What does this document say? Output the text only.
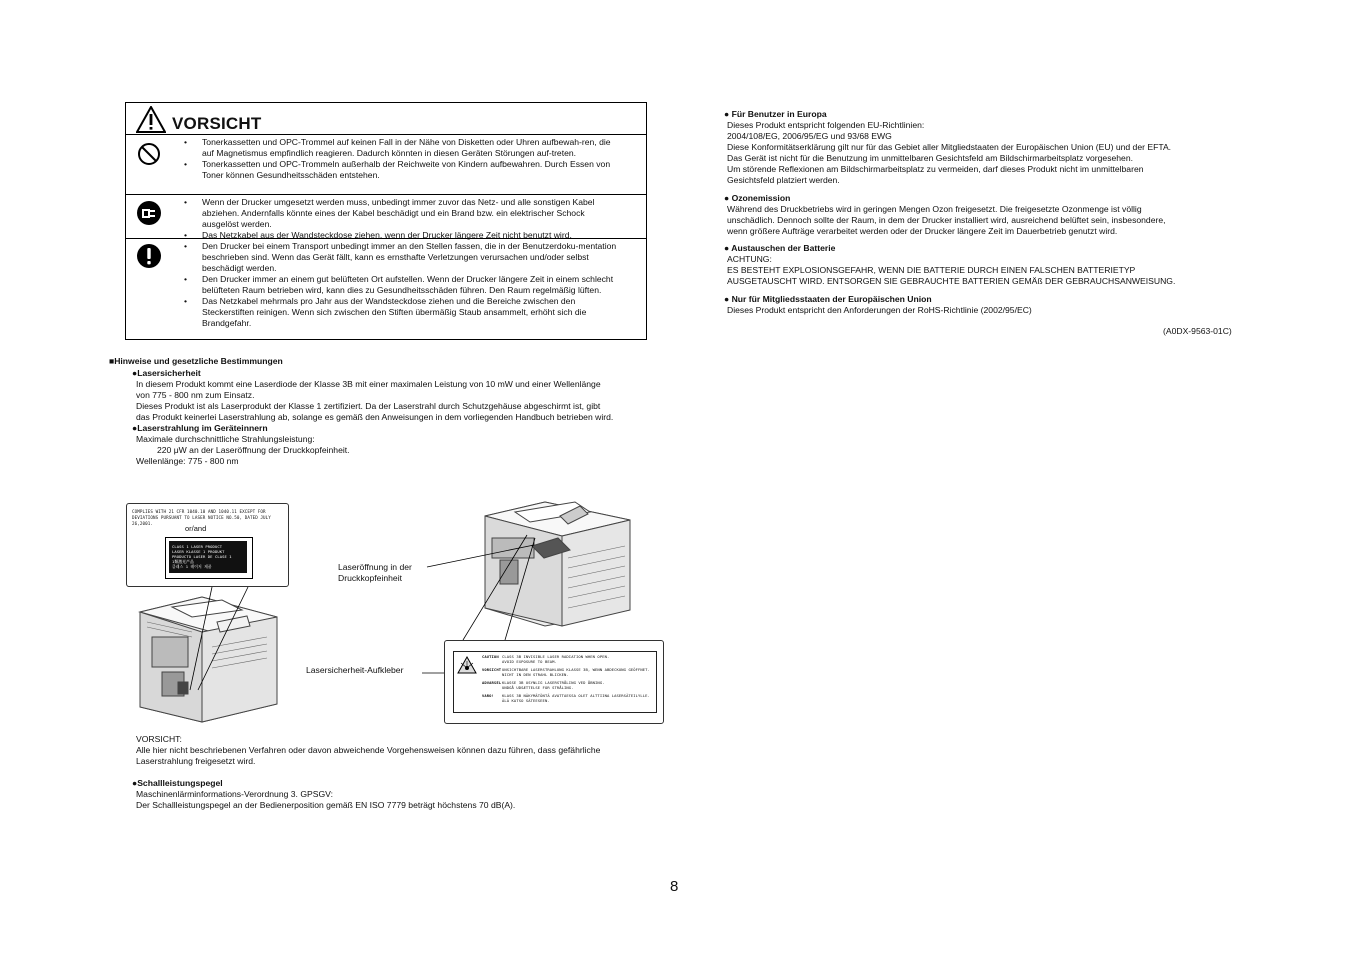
VORSICHT
• Tonerkassetten und OPC-Trommel auf keinen Fall in der Nähe von Disketten oder Uhren aufbewah-ren, die auf Magnetismus empfindlich reagieren. Dadurch könnten in diesen Geräten Störungen auf-treten.
• Tonerkassetten und OPC-Trommeln außerhalb der Reichweite von Kindern aufbewahren. Durch Essen von Toner können Gesundheitsschäden entstehen.
• Wenn der Drucker umgesetzt werden muss, unbedingt immer zuvor das Netz- und alle sonstigen Kabel abziehen. Andernfalls könnte eines der Kabel beschädigt und ein Brand bzw. ein elektrischer Schock ausgelöst werden.
• Das Netzkabel aus der Wandsteckdose ziehen, wenn der Drucker längere Zeit nicht benutzt wird.
• Den Drucker bei einem Transport unbedingt immer an den Stellen fassen, die in der Benutzerdoku-mentation beschrieben sind. Wenn das Gerät fällt, kann es ernsthafte Verletzungen verursachen und/oder selbst beschädigt werden.
• Den Drucker immer an einem gut belüfteten Ort aufstellen. Wenn der Drucker längere Zeit in einem schlecht belüfteten Raum betrieben wird, kann dies zu Gesundheitsschäden führen. Den Raum regelmäßig lüften.
• Das Netzkabel mehrmals pro Jahr aus der Wandsteckdose ziehen und die Bereiche zwischen den Steckerstiften reinigen. Wenn sich zwischen den Stiften übermäßig Staub ansammelt, erhöht sich die Brandgefahr.
■Hinweise und gesetzliche Bestimmungen
●Lasersicherheit
In diesem Produkt kommt eine Laserdiode der Klasse 3B mit einer maximalen Leistung von 10 mW und einer Wellenlänge
von 775 - 800 nm zum Einsatz.
Dieses Produkt ist als Laserprodukt der Klasse 1 zertifiziert. Da der Laserstrahl durch Schutzgehäuse abgeschirmt ist, gibt
das Produkt keinerlei Laserstrahlung ab, solange es gemäß den Anweisungen in dem vorliegenden Handbuch betrieben wird.
●Laserstrahlung im Geräteinnern
Maximale durchschnittliche Strahlungsleistung:
220 μW an der Laseröffnung der Druckkopfeinheit.
Wellenlänge: 775 - 800 nm
COMPLIES WITH 21 CFR 1040.10 AND 1040.11 EXCEPT FOR
DEVIATIONS PURSUANT TO LASER NOTICE NO.50, DATED JULY 26,2001.
or/and
CLASS 1 LASER PRODUCT
LASER KLASSE 1 PRODUKT
PRODUCTO LASER DE CLASE 1
1類激光产品
클래스 1 레이저 제품	Laseröffnung in der
Druckkopfeinheit
Lasersicherheit-Aufkleber
CAUTION CLASS 3B INVISIBLE LASER RADIATION WHEN OPEN.
AVOID EXPOSURE TO BEAM.
VORSICHT UNSICHTBARE LASERSTRAHLUNG KLASSE 3B, WENN ABDECKUNG GEÖFFNET.
NICHT IN DEN STRAHL BLICKEN.
ADVARSEL KLASSE 3B USYNLIG LASERSTRÅLING VED ÅBNING.
UNDGÅ UDSÆTTELSE FOR STRÅLING.
VARO!	KLASS 3B NÄKYMÄTÖNTÄ AVATTAESSA OLET ALTTIINA LASERSÄTEILYLLE.
ÄLÄ KATSO SÄTEESEEN.
VORSICHT:
Alle hier nicht beschriebenen Verfahren oder davon abweichende Vorgehensweisen können dazu führen, dass gefährliche
Laserstrahlung freigesetzt wird.
●Schallleistungspegel
Maschinenlärminformations-Verordnung 3. GPSGV:
Der Schallleistungspegel an der Bedienerposition gemäß EN ISO 7779 beträgt höchstens 70 dB(A).
● Für Benutzer in Europa
Dieses Produkt entspricht folgenden EU-Richtlinien:
2004/108/EG, 2006/95/EG und 93/68 EWG
Diese Konformitätserklärung gilt nur für das Gebiet aller Mitgliedstaaten der Europäischen Union (EU) und der EFTA.
Das Gerät ist nicht für die Benutzung im unmittelbaren Gesichtsfeld am Bildschirmarbeitsplatz vorgesehen.
Um störende Reflexionen am Bildschirmarbeitsplatz zu vermeiden, darf dieses Produkt nicht im unmittelbaren
Gesichtsfeld platziert werden.
● Ozonemission
Während des Druckbetriebs wird in geringen Mengen Ozon freigesetzt. Die freigesetzte Ozonmenge ist völlig
unschädlich. Dennoch sollte der Raum, in dem der Drucker installiert wird, ausreichend belüftet sein, insbesondere,
wenn größere Aufträge verarbeitet werden oder der Drucker längere Zeit im Dauerbetrieb genutzt wird.
● Austauschen der Batterie
ACHTUNG:
ES BESTEHT EXPLOSIONSGEFAHR, WENN DIE BATTERIE DURCH EINEN FALSCHEN BATTERIETYP
AUSGETAUSCHT WIRD. ENTSORGEN SIE GEBRAUCHTE BATTERIEN GEMÄß DER GEBRAUCHSANWEISUNG.
● Nur für Mitgliedsstaaten der Europäischen Union
Dieses Produkt entspricht den Anforderungen der RoHS-Richtlinie (2002/95/EC)
(A0DX-9563-01C)
8
